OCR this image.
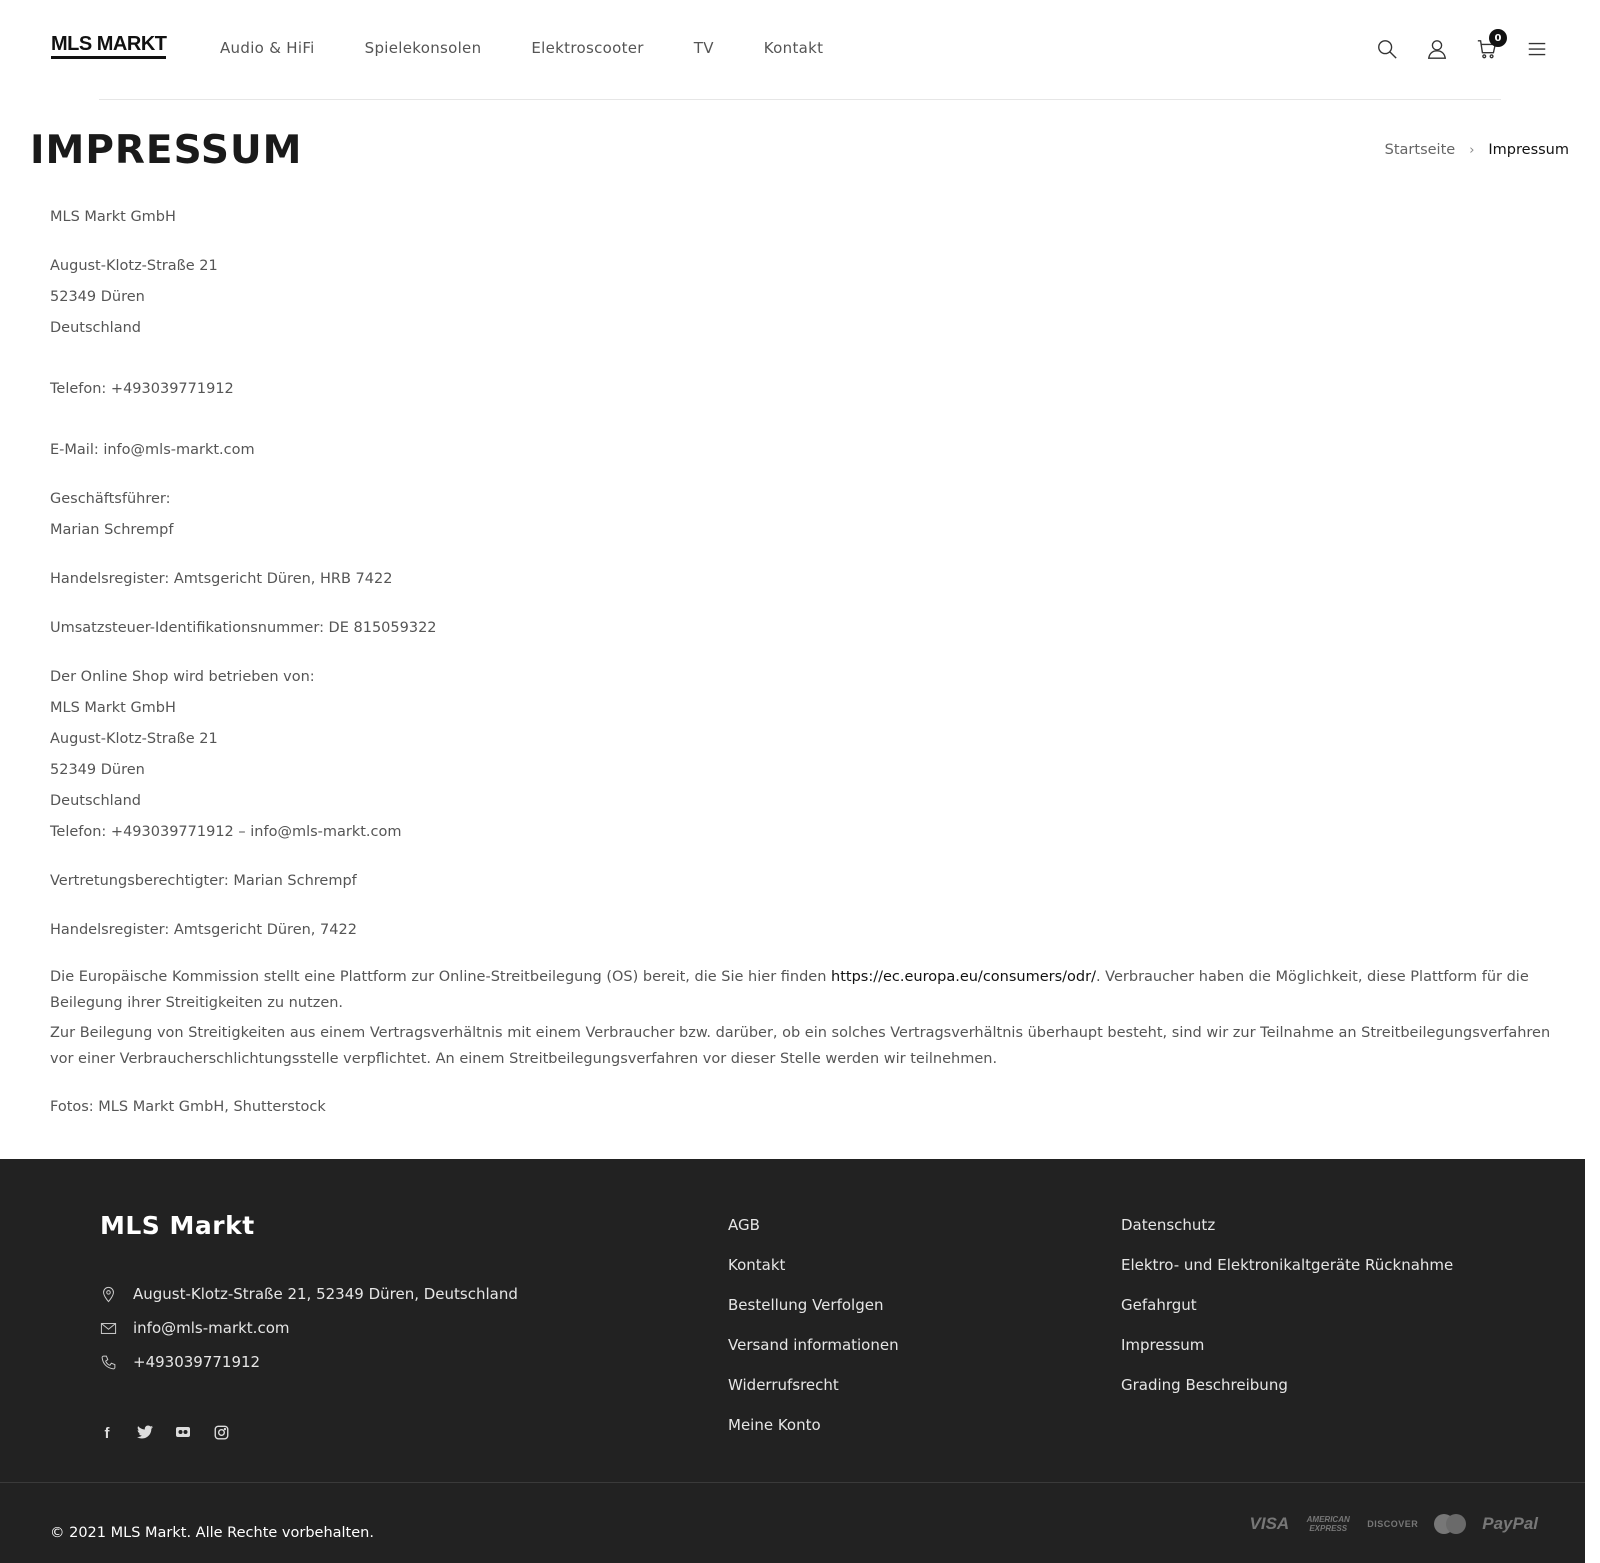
MLS MARKT	Audio & HiFi	Spielekonsolen	Elektroscooter	TV	Kontakt
0
IMPRESSUM	Startseite › Impressum

MLS Markt GmbH

August-Klotz-Straße 21

52349 Düren

Deutschland

Telefon: +493039771912

E-Mail: info@mls-markt.com

Geschäftsführer:

Marian Schrempf

Handelsregister: Amtsgericht Düren, HRB 7422

Umsatzsteuer-Identifikationsnummer: DE 815059322

Der Online Shop wird betrieben von:

MLS Markt GmbH

August-Klotz-Straße 21

52349 Düren

Deutschland

Telefon: +493039771912 – info@mls-markt.com

Vertretungsberechtigter: Marian Schrempf

Handelsregister: Amtsgericht Düren, 7422

Die Europäische Kommission stellt eine Plattform zur Online-Streitbeilegung (OS) bereit, die Sie hier finden https://ec.europa.eu/consumers/odr/. Verbraucher haben die Möglichkeit, diese Plattform für die Beilegung ihrer Streitigkeiten zu nutzen.

Zur Beilegung von Streitigkeiten aus einem Vertragsverhältnis mit einem Verbraucher bzw. darüber, ob ein solches Vertragsverhältnis überhaupt besteht, sind wir zur Teilnahme an Streitbeilegungsverfahren vor einer Verbraucherschlichtungsstelle verpflichtet. An einem Streitbeilegungsverfahren vor dieser Stelle werden wir teilnehmen.

Fotos: MLS Markt GmbH, Shutterstock

MLS Markt
August-Klotz-Straße 21, 52349 Düren, Deutschland
info@mls-markt.com
+493039771912
f
AGB
Kontakt
Bestellung Verfolgen
Versand informationen
Widerrufsrecht
Meine Konto
Datenschutz
Elektro- und Elektronikaltgeräte Rücknahme
Gefahrgut
Impressum
Grading Beschreibung
© 2021 MLS Markt. Alle Rechte vorbehalten.	VISA AMERICAN EXPRESS	DISCOVER	PayPal
